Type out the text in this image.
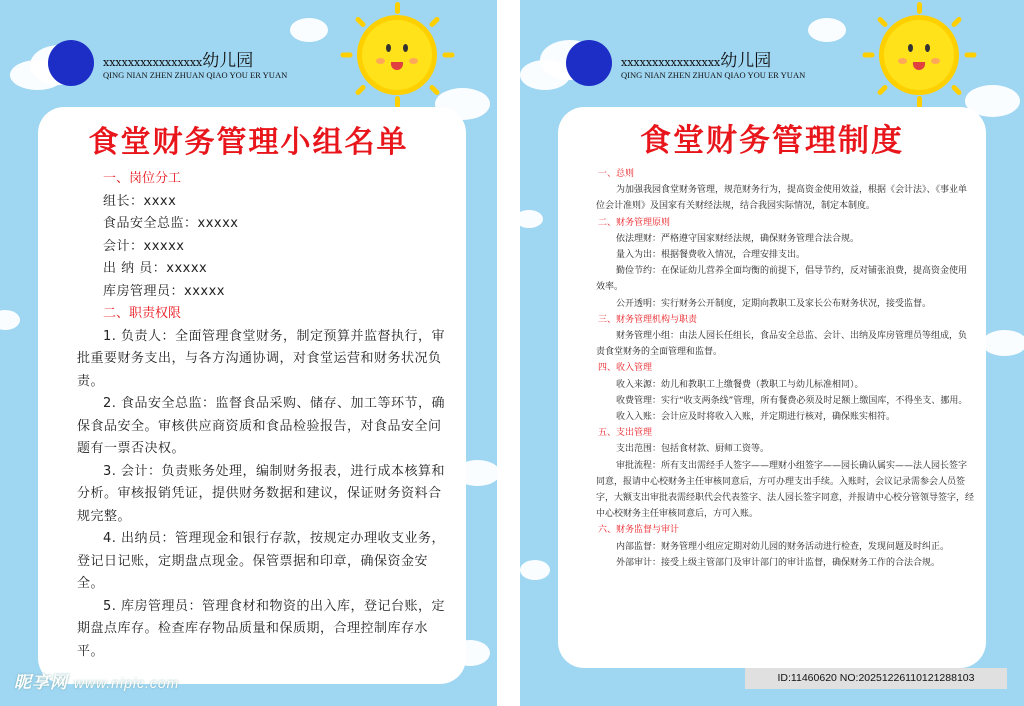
xxxxxxxxxxxxxxxx幼儿园
QING NIAN ZHEN ZHUAN QIAO YOU ER YUAN
食堂财务管理小组名单

一、岗位分工

组长：xxxx

食品安全总监：xxxxx

会计：xxxxx

出 纳 员：xxxxx

库房管理员：xxxxx

二、职责权限

1. 负责人：全面管理食堂财务，制定预算并监督执行，审批重要财务支出，与各方沟通协调，对食堂运营和财务状况负责。

2. 食品安全总监：监督食品采购、储存、加工等环节，确保食品安全。审核供应商资质和食品检验报告，对食品安全问题有一票否决权。

3. 会计：负责账务处理，编制财务报表，进行成本核算和分析。审核报销凭证，提供财务数据和建议，保证财务资料合规完整。

4. 出纳员：管理现金和银行存款，按规定办理收支业务，登记日记账，定期盘点现金。保管票据和印章，确保资金安全。

5. 库房管理员：管理食材和物资的出入库，登记台账，定期盘点库存。检查库存物品质量和保质期，合理控制库存水平。

xxxxxxxxxxxxxxxx幼儿园
QING NIAN ZHEN ZHUAN QIAO YOU ER YUAN
食堂财务管理制度

一、总则

为加强我园食堂财务管理，规范财务行为，提高资金使用效益，根据《会计法》、《事业单位会计准则》及国家有关财经法规，结合我园实际情况，制定本制度。

二、财务管理原则

依法理财：严格遵守国家财经法规，确保财务管理合法合规。

量入为出：根据餐费收入情况，合理安排支出。

勤俭节约：在保证幼儿营养全面均衡的前提下，倡导节约，反对铺张浪费，提高资金使用效率。

公开透明：实行财务公开制度，定期向教职工及家长公布财务状况，接受监督。

三、财务管理机构与职责

财务管理小组：由法人园长任组长，食品安全总监、会计、出纳及库房管理员等组成，负责食堂财务的全面管理和监督。

四、收入管理

收入来源：幼儿和教职工上缴餐费（教职工与幼儿标准相同）。

收费管理：实行“收支两条线”管理，所有餐费必须及时足额上缴国库，不得坐支、挪用。

收入入账：会计应及时将收入入账，并定期进行核对，确保账实相符。

五、支出管理

支出范围：包括食材款、厨师工资等。

审批流程：所有支出需经手人签字——理财小组签字——园长确认属实——法人园长签字同意，报请中心校财务主任审核同意后，方可办理支出手续。入账时，会议记录需参会人员签字，大额支出审批表需经职代会代表签字、法人园长签字同意，并报请中心校分管领导签字，经中心校财务主任审核同意后，方可入账。

六、财务监督与审计

内部监督：财务管理小组应定期对幼儿园的财务活动进行检查，发现问题及时纠正。

外部审计：接受上级主管部门及审计部门的审计监督，确保财务工作的合法合规。

昵享网 www.nipic.com	ID:11460620 NO:20251226110121288103
